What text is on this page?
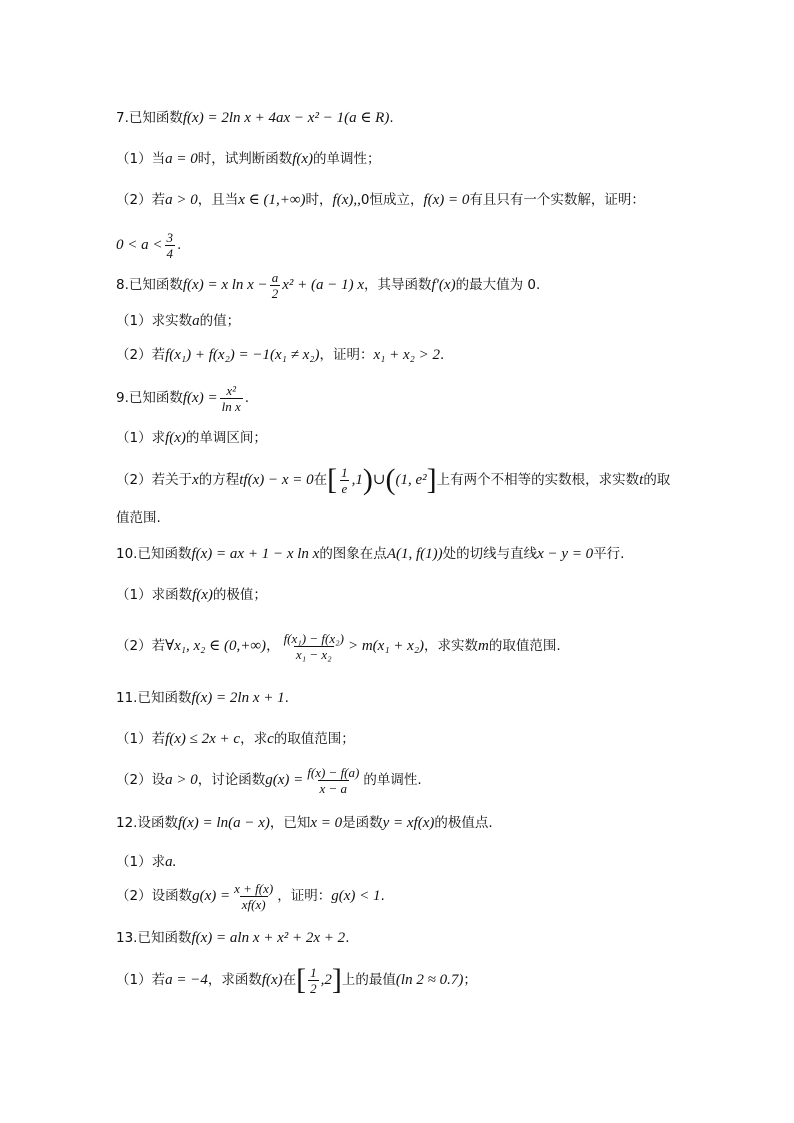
7.已知函数 f(x) = 2ln x + 4ax − x² − 1(a ∈ R) .
（1）当 a = 0 时，试判断函数 f(x) 的单调性；
（2）若 a > 0 ，且当 x ∈ (1,+∞) 时， f(x),, 0恒成立， f(x) = 0 有且只有一个实数解，证明：
$0 < a < \frac{3}{4}$ .
8.已知函数 f(x) = x $\ln x - \frac{a}{2} x^2 + (a - 1)$ x ，其导函数 f′(x) 的最大值为 0.
（1）求实数 a 的值；
（2）若 f(x₁) + f(x₂) = −1(x₁ ≠ x₂) ，证明： x₁ + x₂ > 2 .
9.已知函数 $f(x) = \frac{\text{x²}}{\text{ln x}}$ .
（1）求 f(x) 的单调区间；
（2）若关于 x 的方程 tf(x) − x = 0 在 [ $\frac{1}{e} ,1$ ) ∪ ( (1, e² ] 上有两个不相等的实数根，求实数 t 的取
值范围.
10.已知函数 f(x) = ax + 1 − x ln x 的图象在点 A(1, f(1)) 处的切线与直线 x − y = 0 平行.
（1）求函数 f(x) 的极值；
（2）若 ∀x₁, x₂ ∈ (0,+∞) ， $\frac{\text{f(x₁) − f(x₂)}}{\text{x₁ − x₂}} > m(x_1 + x_2)$ ，求实数 m 的取值范围.
11.已知函数 f(x) = 2ln x + 1 .
（1）若 f(x) ≤ 2x + c ，求 c 的取值范围；
（2）设 a > 0 ，讨论函数 $g(x) = \frac{f(x) - f(a)}{x - a}$ 的单调性.
12.设函数 f(x) = ln(a − x) ，已知 x = 0 是函数 y = xf(x) 的极值点.
（1）求 a.
（2）设函数 $g(x) = \frac{x + f(x)}{xf(x)}$ ，证明： g(x) < 1 .
13.已知函数 f(x) = aln x + x² + 2x + 2 .
（1）若 a = −4 ，求函数 f(x) 在 [ $\frac{1}{2} ,2$ ] 上的最值 (ln 2 ≈ 0.7) ；
